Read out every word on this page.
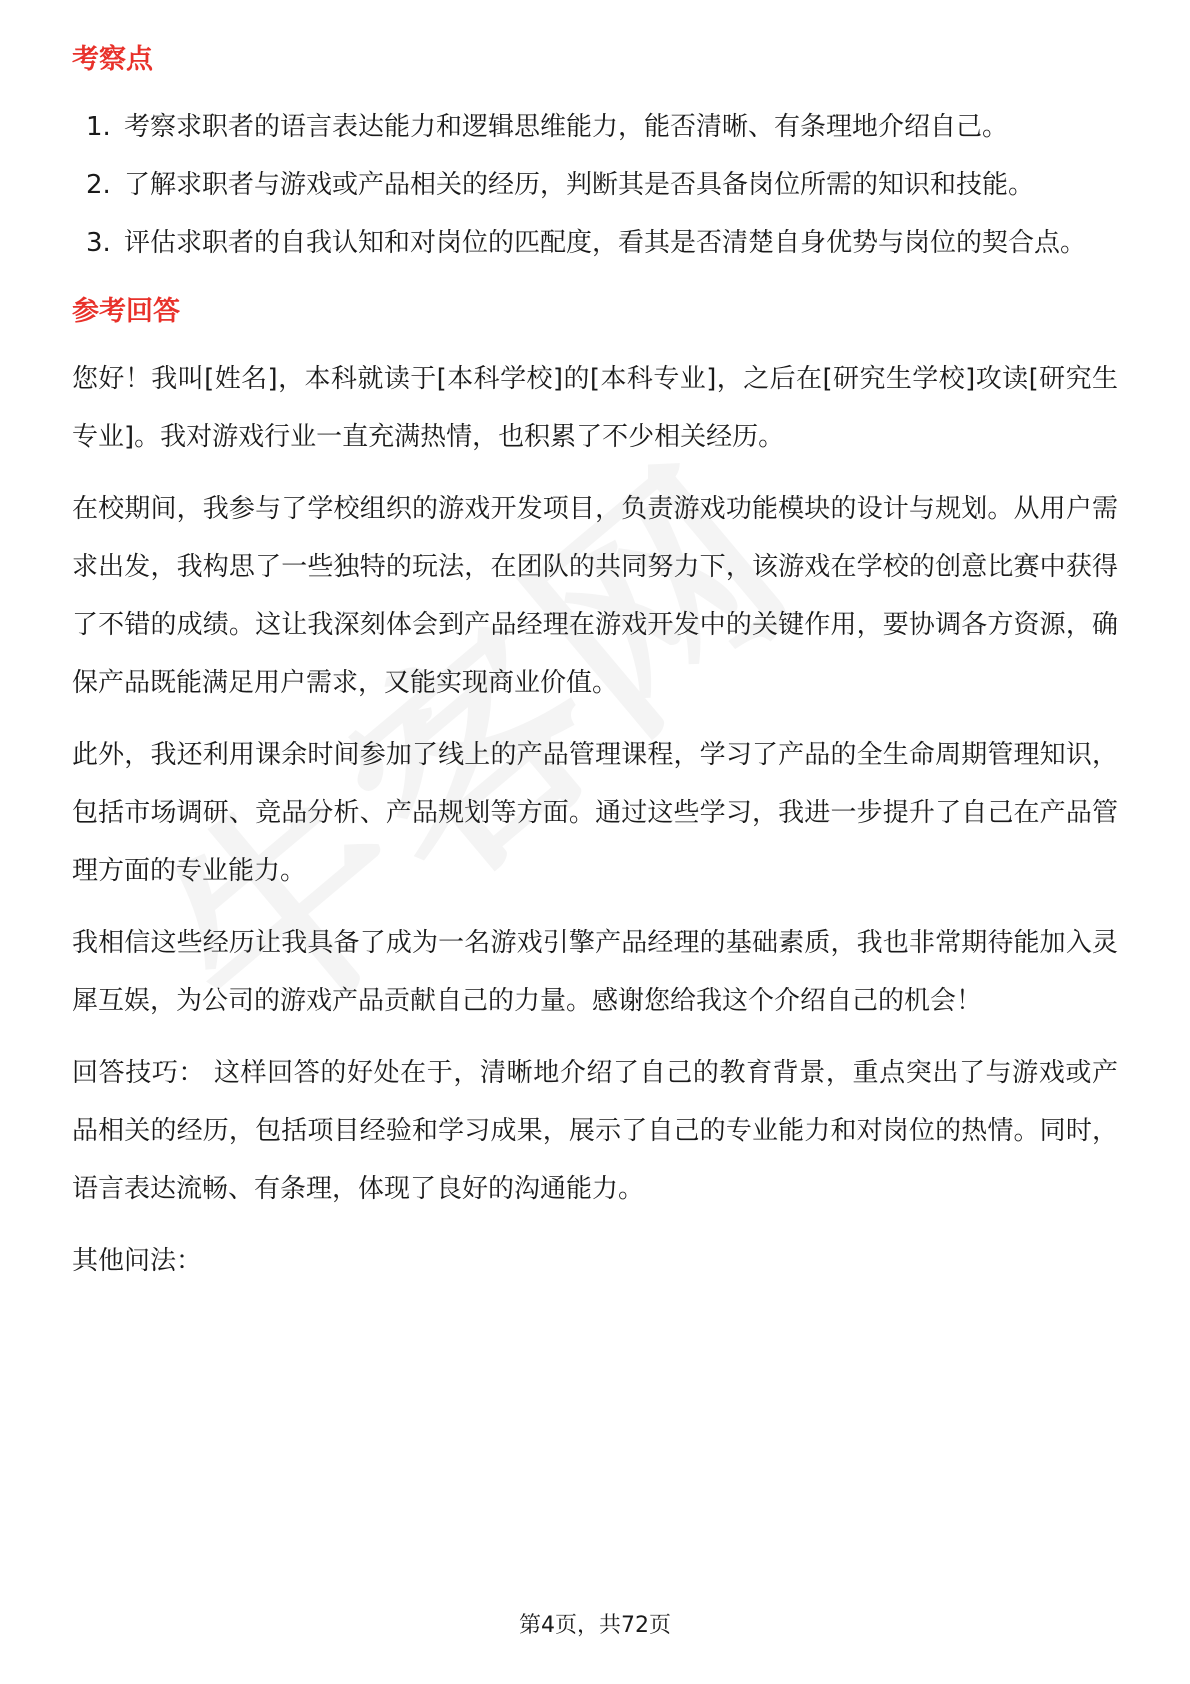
考察点
1. 考察求职者的语言表达能力和逻辑思维能力，能否清晰、有条理地介绍自己。
2. 了解求职者与游戏或产品相关的经历，判断其是否具备岗位所需的知识和技能。
3. 评估求职者的自我认知和对岗位的匹配度，看其是否清楚自身优势与岗位的契合点。
参考回答

您好！我叫[姓名]，本科就读于[本科学校]的[本科专业]，之后在[研究生学校]攻读[研究生专业]。我对游戏行业一直充满热情，也积累了不少相关经历。

在校期间，我参与了学校组织的游戏开发项目，负责游戏功能模块的设计与规划。从用户需求出发，我构思了一些独特的玩法，在团队的共同努力下，该游戏在学校的创意比赛中获得了不错的成绩。这让我深刻体会到产品经理在游戏开发中的关键作用，要协调各方资源，确保产品既能满足用户需求，又能实现商业价值。

此外，我还利用课余时间参加了线上的产品管理课程，学习了产品的全生命周期管理知识，包括市场调研、竞品分析、产品规划等方面。通过这些学习，我进一步提升了自己在产品管理方面的专业能力。

我相信这些经历让我具备了成为一名游戏引擎产品经理的基础素质，我也非常期待能加入灵犀互娱，为公司的游戏产品贡献自己的力量。感谢您给我这个介绍自己的机会！

回答技巧： 这样回答的好处在于，清晰地介绍了自己的教育背景，重点突出了与游戏或产品相关的经历，包括项目经验和学习成果，展示了自己的专业能力和对岗位的热情。同时，语言表达流畅、有条理，体现了良好的沟通能力。

其他问法：

第4页，共72页
